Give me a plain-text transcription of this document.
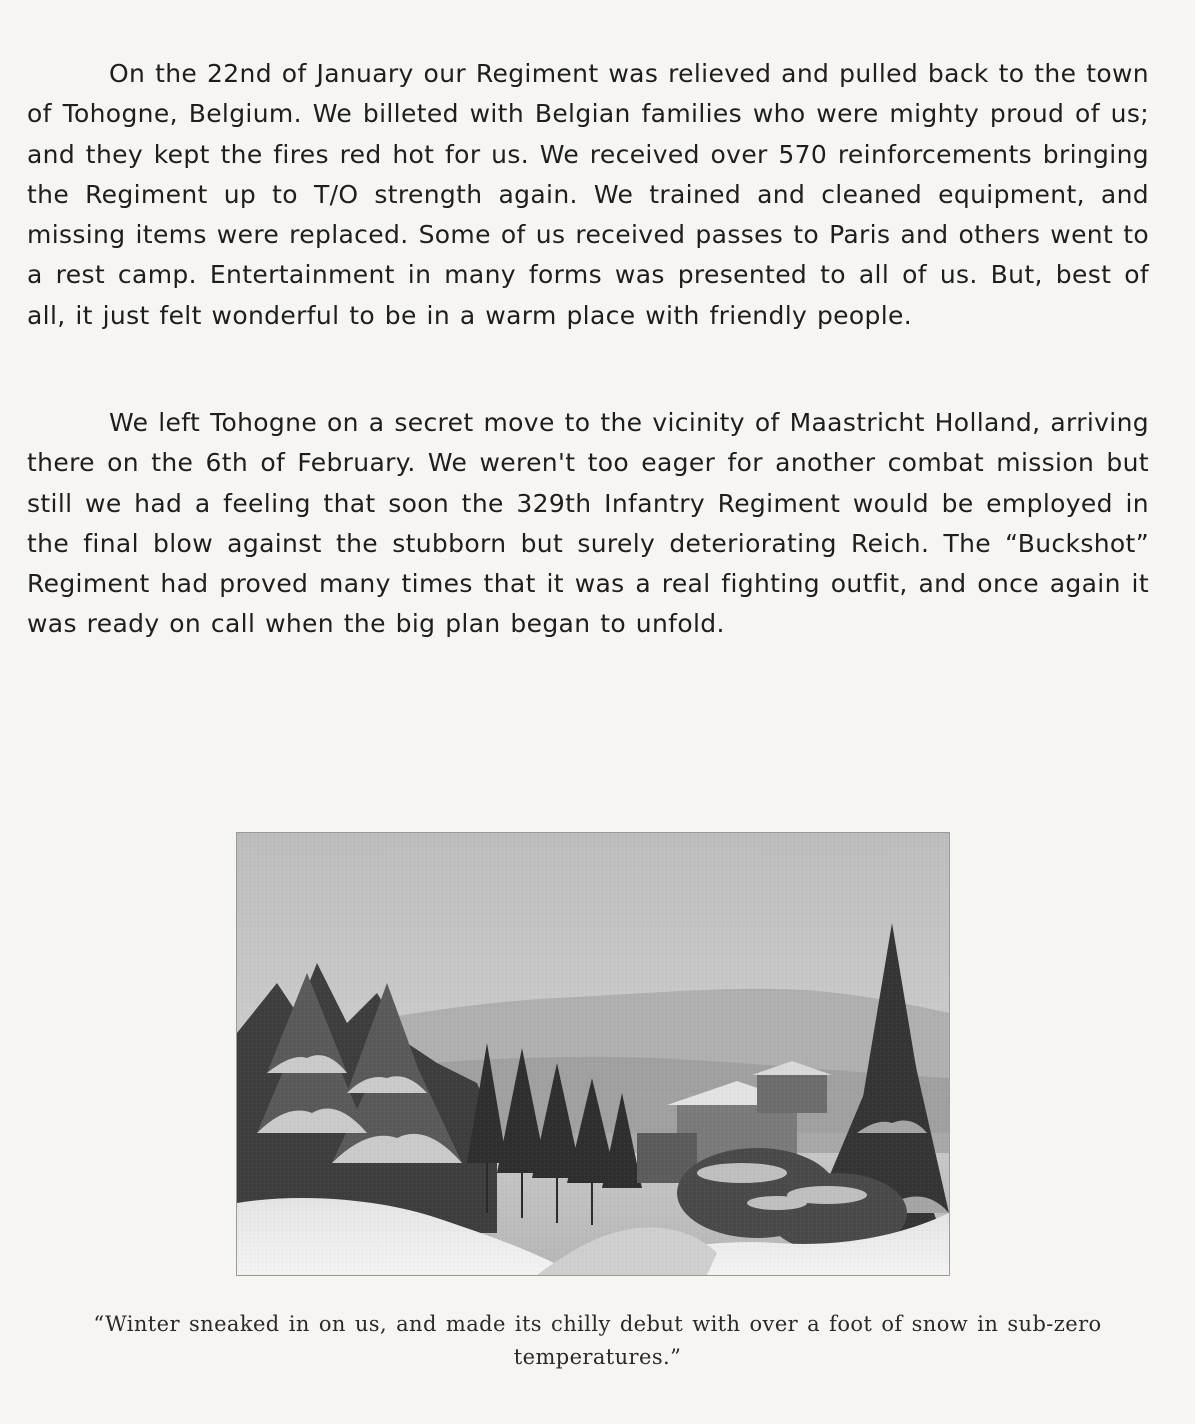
On the 22nd of January our Regiment was relieved and pulled back to the town of Tohogne, Belgium. We billeted with Belgian families who were mighty proud of us; and they kept the fires red hot for us. We received over 570 reinforcements bringing the Regiment up to T/O strength again. We trained and cleaned equipment, and missing items were replaced. Some of us received passes to Paris and others went to a rest camp. Entertainment in many forms was presented to all of us. But, best of all, it just felt wonderful to be in a warm place with friendly people.

We left Tohogne on a secret move to the vicinity of Maastricht Holland, arriving there on the 6th of February. We weren't too eager for another combat mission but still we had a feeling that soon the 329th Infantry Regiment would be employed in the final blow against the stubborn but surely deteriorating Reich. The “Buckshot” Regiment had proved many times that it was a real fighting outfit, and once again it was ready on call when the big plan began to unfold.

“Winter sneaked in on us, and made its chilly debut with over a foot of snow in sub-zero temperatures.”
